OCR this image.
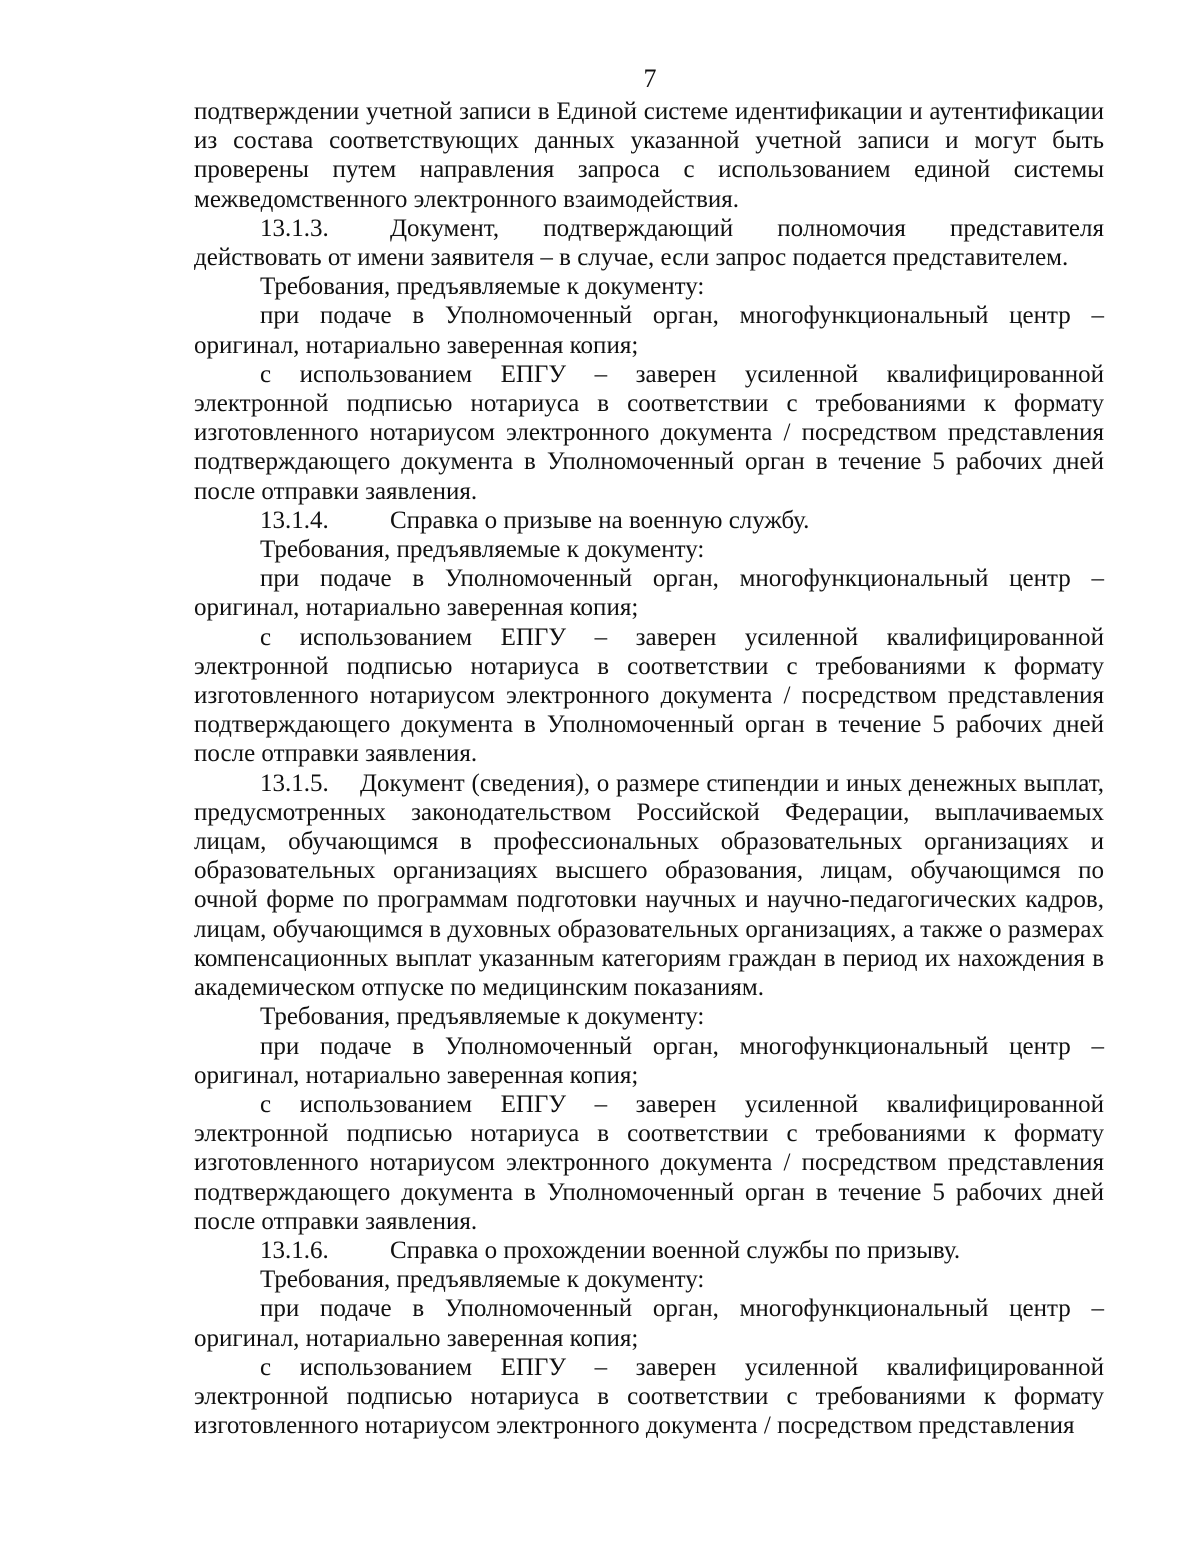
7

подтверждении учетной записи в Единой системе идентификации и аутентификации из состава соответствующих данных указанной учетной записи и могут быть проверены путем направления запроса с использованием единой системы межведомственного электронного взаимодействия.

13.1.3. Документ, подтверждающий полномочия представителя действовать от имени заявителя – в случае, если запрос подается представителем.

Требования, предъявляемые к документу:

при подаче в Уполномоченный орган, многофункциональный центр – оригинал, нотариально заверенная копия;

с использованием ЕПГУ – заверен усиленной квалифицированной электронной подписью нотариуса в соответствии с требованиями к формату изготовленного нотариусом электронного документа / посредством представления подтверждающего документа в Уполномоченный орган в течение 5 рабочих дней после отправки заявления.

13.1.4. Справка о призыве на военную службу.

Требования, предъявляемые к документу:

при подаче в Уполномоченный орган, многофункциональный центр – оригинал, нотариально заверенная копия;

с использованием ЕПГУ – заверен усиленной квалифицированной электронной подписью нотариуса в соответствии с требованиями к формату изготовленного нотариусом электронного документа / посредством представления подтверждающего документа в Уполномоченный орган в течение 5 рабочих дней после отправки заявления.

13.1.5. Документ (сведения), о размере стипендии и иных денежных выплат, предусмотренных законодательством Российской Федерации, выплачиваемых лицам, обучающимся в профессиональных образовательных организациях и образовательных организациях высшего образования, лицам, обучающимся по очной форме по программам подготовки научных и научно-педагогических кадров, лицам, обучающимся в духовных образовательных организациях, а также о размерах компенсационных выплат указанным категориям граждан в период их нахождения в академическом отпуске по медицинским показаниям.

Требования, предъявляемые к документу:

при подаче в Уполномоченный орган, многофункциональный центр – оригинал, нотариально заверенная копия;

с использованием ЕПГУ – заверен усиленной квалифицированной электронной подписью нотариуса в соответствии с требованиями к формату изготовленного нотариусом электронного документа / посредством представления подтверждающего документа в Уполномоченный орган в течение 5 рабочих дней после отправки заявления.

13.1.6. Справка о прохождении военной службы по призыву.

Требования, предъявляемые к документу:

при подаче в Уполномоченный орган, многофункциональный центр – оригинал, нотариально заверенная копия;

с использованием ЕПГУ – заверен усиленной квалифицированной электронной подписью нотариуса в соответствии с требованиями к формату изготовленного нотариусом электронного документа / посредством представления
